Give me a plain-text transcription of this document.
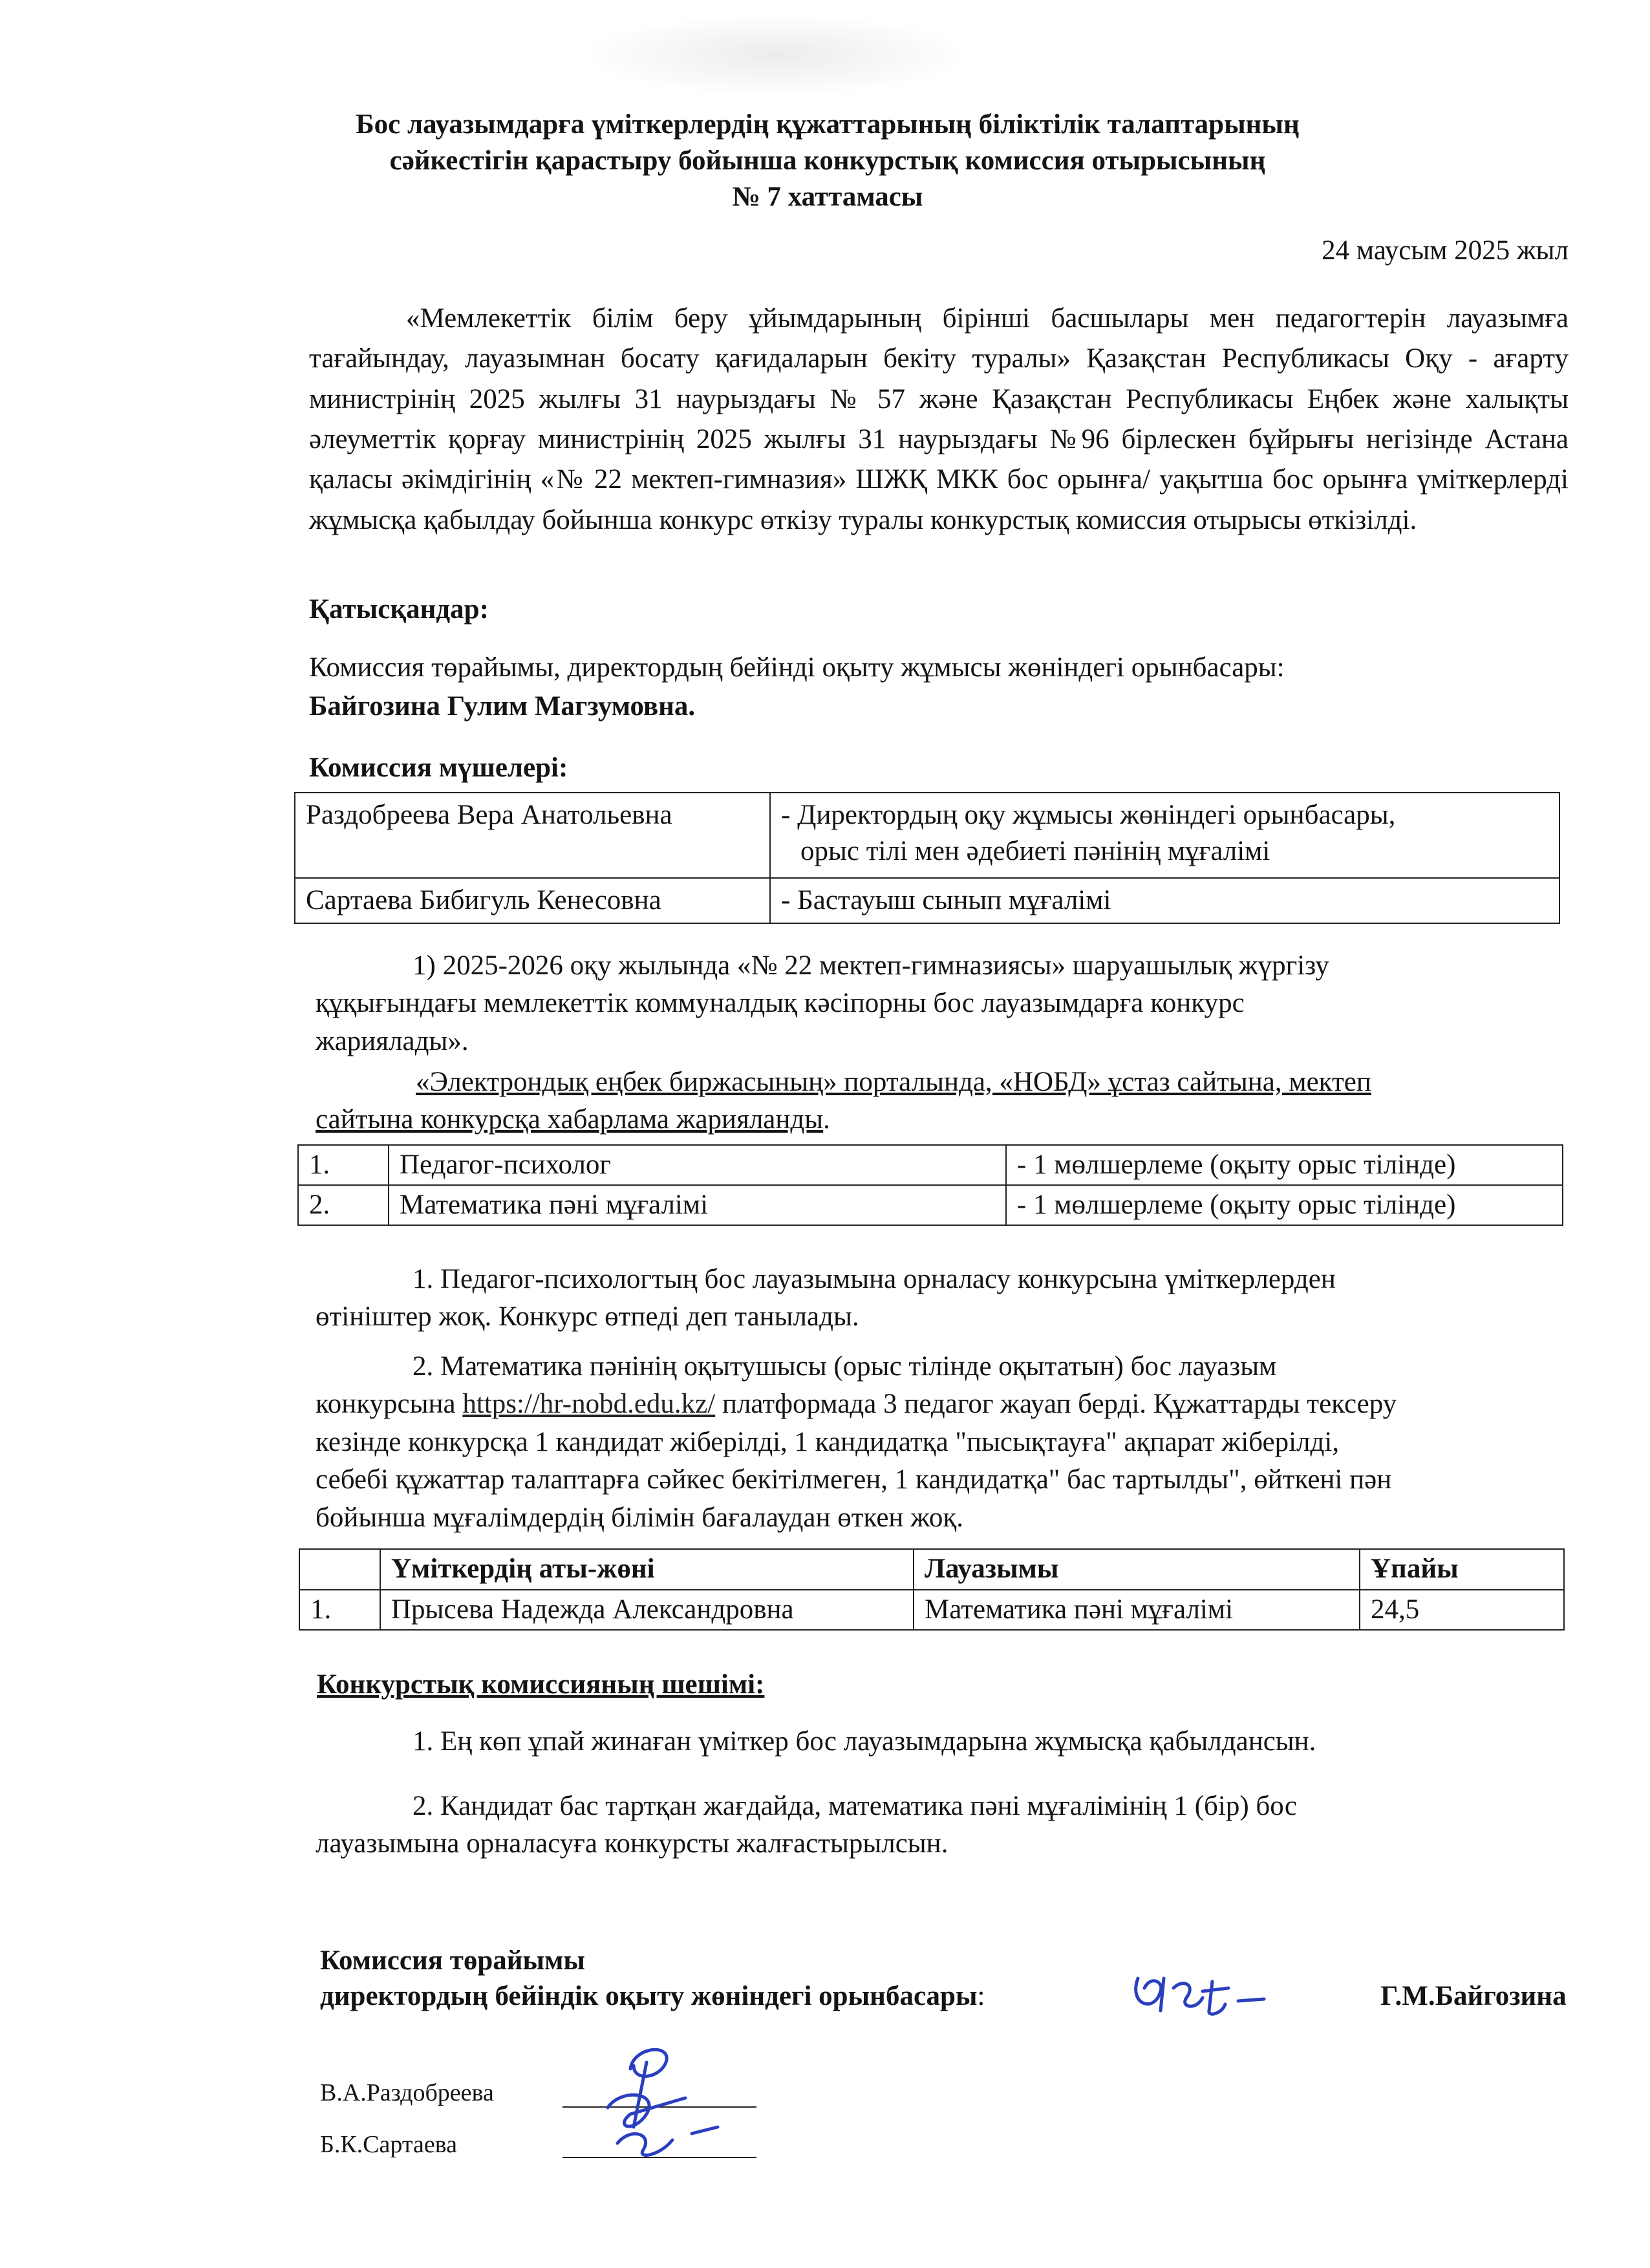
Бос лауазымдарға үміткерлердің құжаттарының біліктілік талаптарының
сәйкестігін қарастыру бойынша конкурстық комиссия отырысының
№ 7 хаттамасы
24 маусым 2025 жыл
«Мемлекеттік білім беру ұйымдарының бірінші басшылары мен педагогтерін лауазымға тағайындау, лауазымнан босату қағидаларын бекіту туралы» Қазақстан Республикасы Оқу - ағарту министрінің 2025 жылғы 31 наурыздағы № 57 және Қазақстан Республикасы Еңбек және халықты әлеуметтік қорғау министрінің 2025 жылғы 31 наурыздағы №96 бірлескен бұйрығы негізінде Астана қаласы әкімдігінің «№ 22 мектеп-гимназия» ШЖҚ МКК бос орынға/ уақытша бос орынға үміткерлерді жұмысқа қабылдау бойынша конкурс өткізу туралы конкурстық комиссия отырысы өткізілді.
Қатысқандар:
Комиссия төрайымы, директордың бейінді оқыту жұмысы жөніндегі орынбасары:
Байгозина Гулим Магзумовна.
Комиссия мүшелері:
Раздобреева Вера Анатольевна	- Директордың оқу жұмысы жөніндегі орынбасары,
орыс тілі мен әдебиеті пәнінің мұғалімі

Сартаева Бибигуль Кенесовна	- Бастауыш сынып мұғалімі
1) 2025-2026 оқу жылында «№ 22 мектеп-гимназиясы» шаруашылық жүргізу
құқығындағы мемлекеттік коммуналдық кәсіпорны бос лауазымдарға конкурс
жариялады».
«Электрондық еңбек биржасының» порталында, «НОБД» ұстаз сайтына, мектеп
сайтына конкурсқа хабарлама жарияланды.
1.	Педагог-психолог	- 1 мөлшерлеме (оқыту орыс тілінде)
2.	Математика пәні мұғалімі	- 1 мөлшерлеме (оқыту орыс тілінде)
1. Педагог-психологтың бос лауазымына орналасу конкурсына үміткерлерден
өтініштер жоқ. Конкурс өтпеді деп танылады.
2. Математика пәнінің оқытушысы (орыс тілінде оқытатын) бос лауазым
конкурсына https://hr-nobd.edu.kz/ платформада 3 педагог жауап берді. Құжаттарды тексеру
кезінде конкурсқа 1 кандидат жіберілді, 1 кандидатқа "пысықтауға" ақпарат жіберілді,
себебі құжаттар талаптарға сәйкес бекітілмеген, 1 кандидатқа" бас тартылды", өйткені пән
бойынша мұғалімдердің білімін бағалаудан өткен жоқ.
	Үміткердің аты-жөні	Лауазымы	Ұпайы
1.	Прысева Надежда Александровна	Математика пәні мұғалімі	24,5
Конкурстық комиссияның шешімі:
1. Ең көп ұпай жинаған үміткер бос лауазымдарына жұмысқа қабылдансын.
2. Кандидат бас тартқан жағдайда, математика пәні мұғалімінің 1 (бір) бос
лауазымына орналасуға конкурсты жалғастырылсын.
Комиссия төрайымы
директордың бейіндік оқыту жөніндегі орынбасары:	Г.М.Байгозина
В.А.Раздобреева
Б.К.Сартаева
